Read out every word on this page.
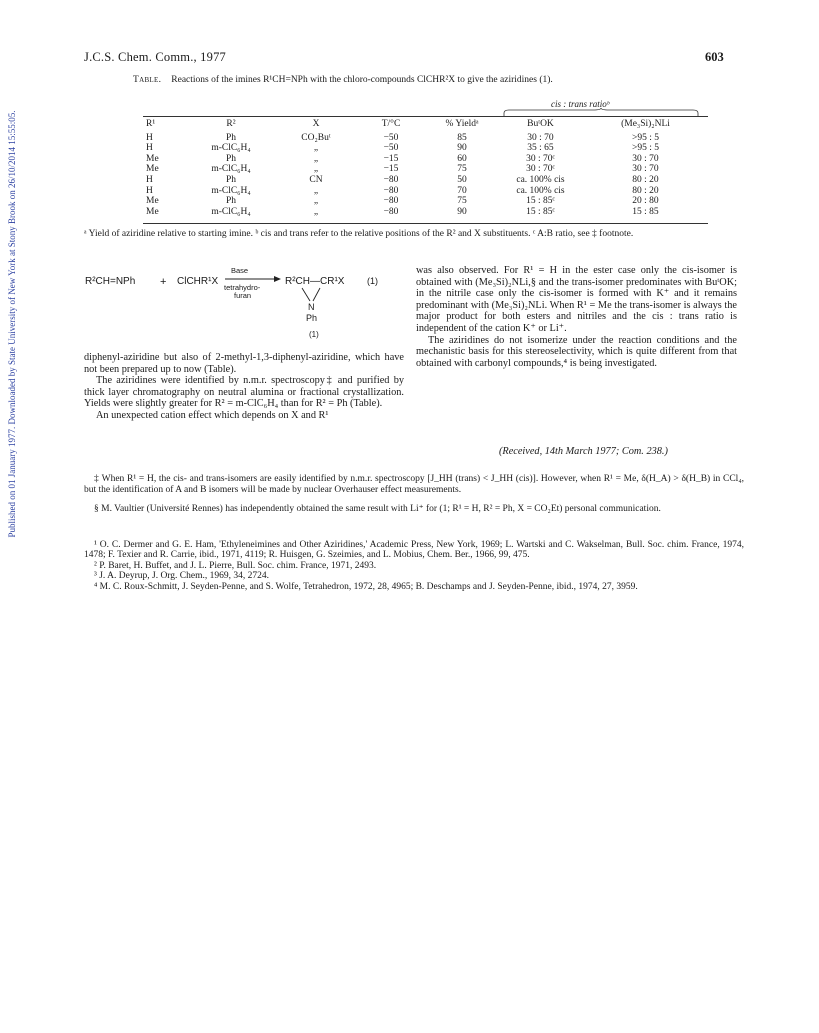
Published on 01 January 1977. Downloaded by State University of New York at Stony Brook on 26/10/2014 15:55:05.
J.C.S. Chem. Comm., 1977	603
Table. Reactions of the imines R¹CH=NPh with the chloro-compounds ClCHR²X to give the aziridines (1).
cis : trans ratioᵇ
R¹	R²	X	T/°C	% Yieldᵃ	BuᵗOK	(Me₃Si)₂NLi
H	Ph	CO₂Buᵗ	−50	85	30 : 70	>95 : 5
H	m-ClC₆H₄	„	−50	90	35 : 65	>95 : 5
Me	Ph	„	−15	60	30 : 70ᶜ	30 : 70
Me	m-ClC₆H₄	„	−15	75	30 : 70ᶜ	30 : 70
H	Ph	CN	−80	50	ca. 100% cis	80 : 20
H	m-ClC₆H₄	„	−80	70	ca. 100% cis	80 : 20
Me	Ph	„	−80	75	15 : 85ᶜ	20 : 80
Me	m-ClC₆H₄	„	−80	90	15 : 85ᶜ	15 : 85
ᵃ Yield of aziridine relative to starting imine. ᵇ cis and trans refer to the relative positions of the R² and X substituents. ᶜ A:B ratio, see ‡ footnote.
R²CH=NPh + ClCHR¹X
Base
tetrahydro-
furan
R²CH—CR¹X
N
Ph
(1)
(1)

diphenyl-aziridine but also of 2-methyl-1,3-diphenyl-aziridine, which have not been prepared up to now (Table).

The aziridines were identified by n.m.r. spectroscopy‡ and purified by thick layer chromatography on neutral alumina or fractional crystallization. Yields were slightly greater for R² = m-ClC₆H₄ than for R² = Ph (Table).

An unexpected cation effect which depends on X and R¹

was also observed. For R¹ = H in the ester case only the cis-isomer is obtained with (Me₃Si)₂NLi,§ and the trans-isomer predominates with BuᵗOK; in the nitrile case only the cis-isomer is formed with K⁺ and it remains predominant with (Me₃Si)₂NLi. When R¹ = Me the trans-isomer is always the major product for both esters and nitriles and the cis : trans ratio is independent of the cation K⁺ or Li⁺.

The aziridines do not isomerize under the reaction conditions and the mechanistic basis for this stereoselectivity, which is quite different from that obtained with carbonyl compounds,⁴ is being investigated.

(Received, 14th March 1977; Com. 238.)

‡ When R¹ = H, the cis- and trans-isomers are easily identified by n.m.r. spectroscopy [J_HH (trans) < J_HH (cis)]. However, when R¹ = Me, δ(H_A) > δ(H_B) in CCl₄, but the identification of A and B isomers will be made by nuclear Overhauser effect measurements.

§ M. Vaultier (Université Rennes) has independently obtained the same result with Li⁺ for (1; R¹ = H, R² = Ph, X = CO₂Et) personal communication.

¹ O. C. Dermer and G. E. Ham, 'Ethyleneimines and Other Aziridines,' Academic Press, New York, 1969; L. Wartski and C. Wakselman, Bull. Soc. chim. France, 1974, 1478; F. Texier and R. Carrie, ibid., 1971, 4119; R. Huisgen, G. Szeimies, and L. Mobius, Chem. Ber., 1966, 99, 475.

² P. Baret, H. Buffet, and J. L. Pierre, Bull. Soc. chim. France, 1971, 2493.

³ J. A. Deyrup, J. Org. Chem., 1969, 34, 2724.

⁴ M. C. Roux-Schmitt, J. Seyden-Penne, and S. Wolfe, Tetrahedron, 1972, 28, 4965; B. Deschamps and J. Seyden-Penne, ibid., 1974, 27, 3959.
